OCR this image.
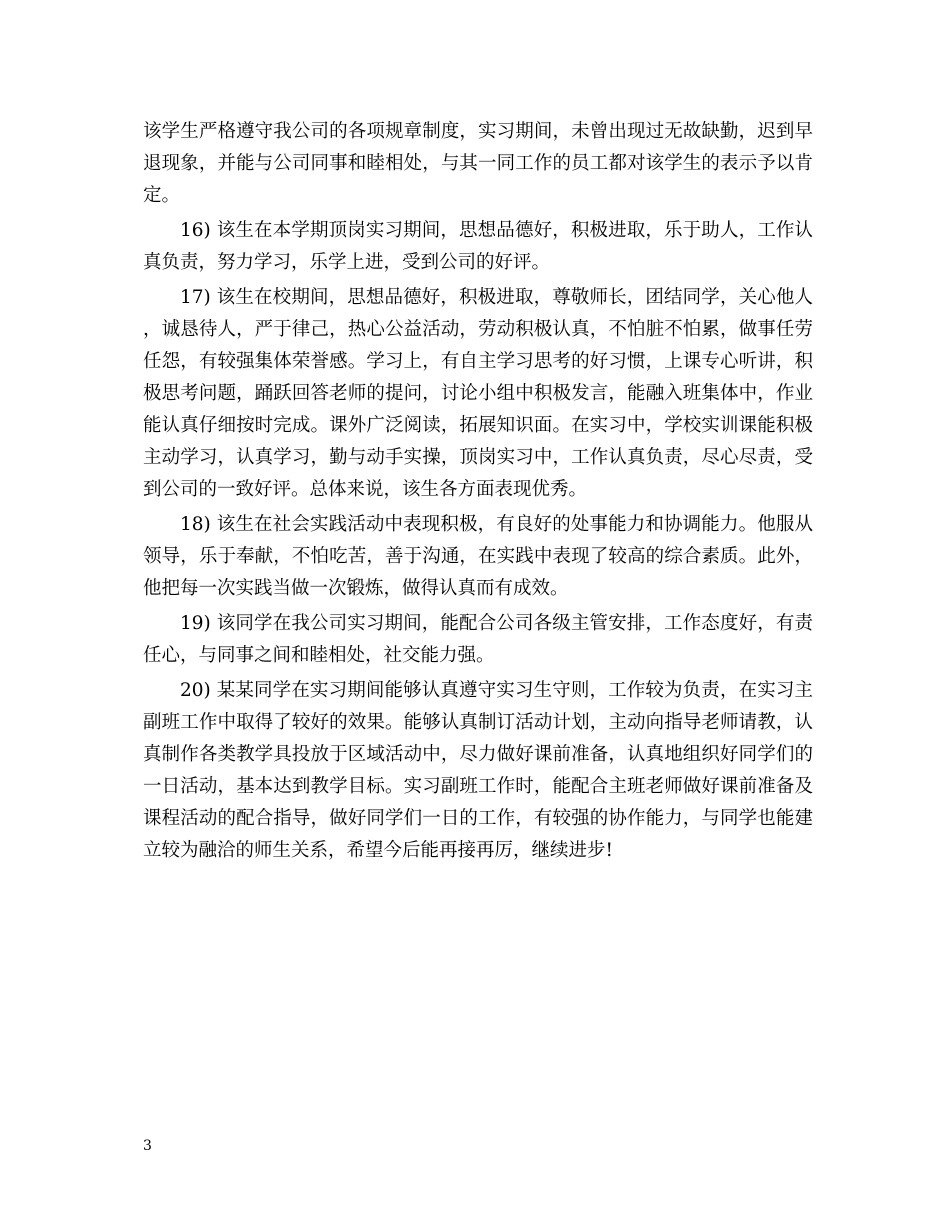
该学生严格遵守我公司的各项规章制度，实习期间，未曾出现过无故缺勤，迟到早退现象，并能与公司同事和睦相处，与其一同工作的员工都对该学生的表示予以肯定。

16) 该生在本学期顶岗实习期间，思想品德好，积极进取，乐于助人，工作认真负责，努力学习，乐学上进，受到公司的好评。

17) 该生在校期间，思想品德好，积极进取，尊敬师长，团结同学，关心他人，诚恳待人，严于律己，热心公益活动，劳动积极认真，不怕脏不怕累，做事任劳任怨，有较强集体荣誉感。学习上，有自主学习思考的好习惯，上课专心听讲，积极思考问题，踊跃回答老师的提问，讨论小组中积极发言，能融入班集体中，作业能认真仔细按时完成。课外广泛阅读，拓展知识面。在实习中，学校实训课能积极主动学习，认真学习，勤与动手实操，顶岗实习中，工作认真负责，尽心尽责，受到公司的一致好评。总体来说，该生各方面表现优秀。

18) 该生在社会实践活动中表现积极，有良好的处事能力和协调能力。他服从领导，乐于奉献，不怕吃苦，善于沟通，在实践中表现了较高的综合素质。此外，他把每一次实践当做一次锻炼，做得认真而有成效。

19) 该同学在我公司实习期间，能配合公司各级主管安排，工作态度好，有责任心，与同事之间和睦相处，社交能力强。

20) 某某同学在实习期间能够认真遵守实习生守则，工作较为负责，在实习主副班工作中取得了较好的效果。能够认真制订活动计划，主动向指导老师请教，认真制作各类教学具投放于区域活动中，尽力做好课前准备，认真地组织好同学们的一日活动，基本达到教学目标。实习副班工作时，能配合主班老师做好课前准备及课程活动的配合指导，做好同学们一日的工作，有较强的协作能力，与同学也能建立较为融洽的师生关系，希望今后能再接再厉，继续进步!

3
